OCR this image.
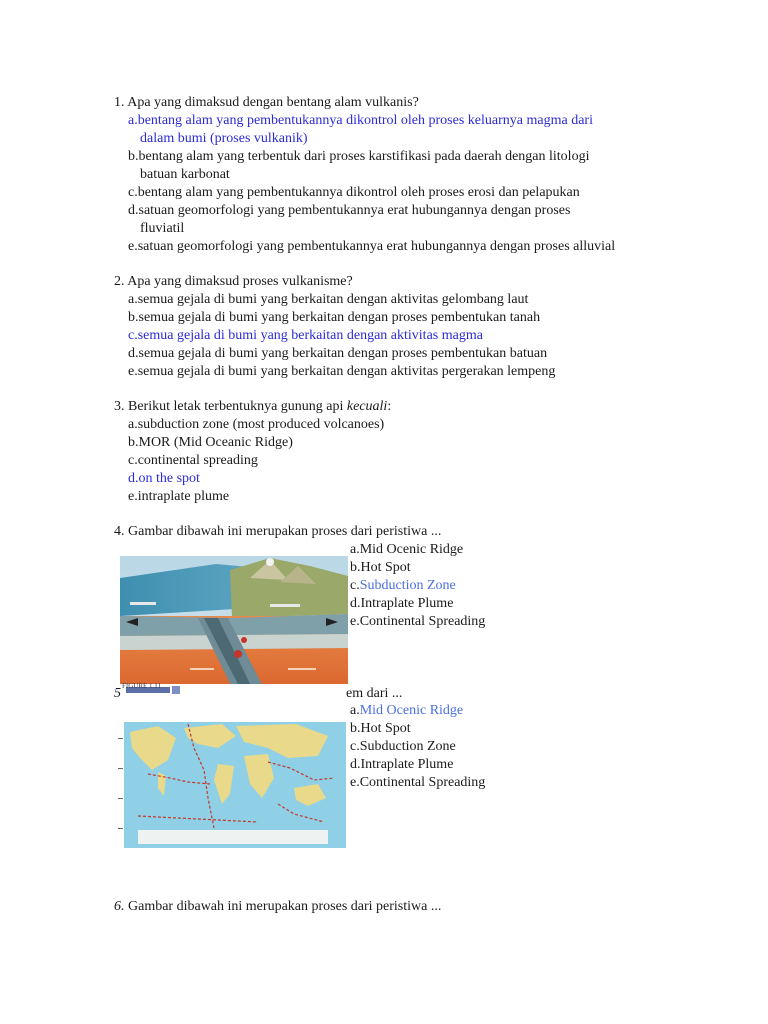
1. Apa yang dimaksud dengan bentang alam vulkanis?
a.bentang alam yang pembentukannya dikontrol oleh proses keluarnya magma dari
dalam bumi (proses vulkanik)
b.bentang alam yang terbentuk dari proses karstifikasi pada daerah dengan litologi
batuan karbonat
c.bentang alam yang pembentukannya dikontrol oleh proses erosi dan pelapukan
d.satuan geomorfologi yang pembentukannya erat hubungannya dengan proses
fluviatil
e.satuan geomorfologi yang pembentukannya erat hubungannya dengan proses alluvial
2. Apa yang dimaksud proses vulkanisme?
a.semua gejala di bumi yang berkaitan dengan aktivitas gelombang laut
b.semua gejala di bumi yang berkaitan dengan proses pembentukan tanah
c.semua gejala di bumi yang berkaitan dengan aktivitas magma
d.semua gejala di bumi yang berkaitan dengan proses pembentukan batuan
e.semua gejala di bumi yang berkaitan dengan aktivitas pergerakan lempeng
3. Berikut letak terbentuknya gunung api kecuali:
a.subduction zone (most produced volcanoes)
b.MOR (Mid Oceanic Ridge)
c.continental spreading
d.on the spot
e.intraplate plume
4. Gambar dibawah ini merupakan proses dari peristiwa ...
a.Mid Ocenic Ridge
b.Hot Spot
c.Subduction Zone
d.Intraplate Plume
e.Continental Spreading
5 FIGURE 1.11	em dari ...
a.Mid Ocenic Ridge
b.Hot Spot
c.Subduction Zone
d.Intraplate Plume
e.Continental Spreading
6. Gambar dibawah ini merupakan proses dari peristiwa ...
